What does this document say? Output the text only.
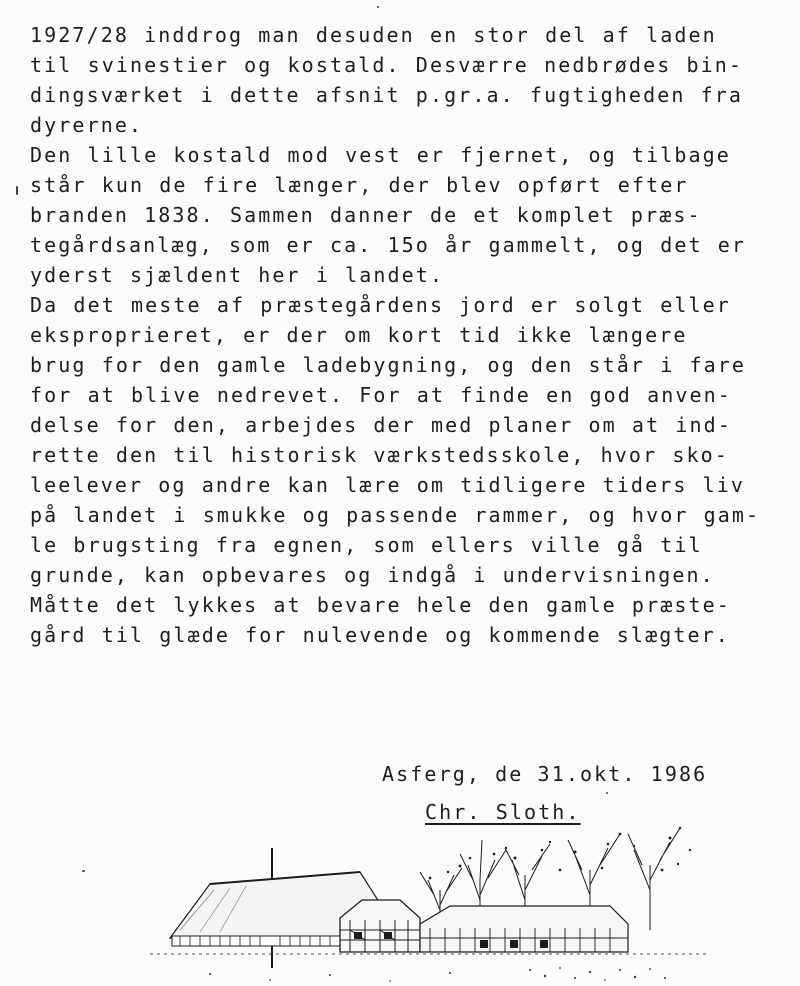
1927/28 inddrog man desuden en stor del af laden
til svinestier og kostald. Desværre nedbrødes bin-
dingsværket i dette afsnit p.gr.a. fugtigheden fra
dyrerne.
Den lille kostald mod vest er fjernet, og tilbage
står kun de fire længer, der blev opført efter
branden 1838. Sammen danner de et komplet præs-
tegårdsanlæg, som er ca. 15o år gammelt, og det er
yderst sjældent her i landet.
Da det meste af præstegårdens jord er solgt eller
eksproprieret, er der om kort tid ikke længere
brug for den gamle ladebygning, og den står i fare
for at blive nedrevet. For at finde en god anven-
delse for den, arbejdes der med planer om at ind-
rette den til historisk værkstedsskole, hvor sko-
leelever og andre kan lære om tidligere tiders liv
på landet i smukke og passende rammer, og hvor gam-
le brugsting fra egnen, som ellers ville gå til
grunde, kan opbevares og indgå i undervisningen.
Måtte det lykkes at bevare hele den gamle præste-
gård til glæde for nulevende og kommende slægter.
Asferg, de 31.okt. 1986
Chr. Sloth.
